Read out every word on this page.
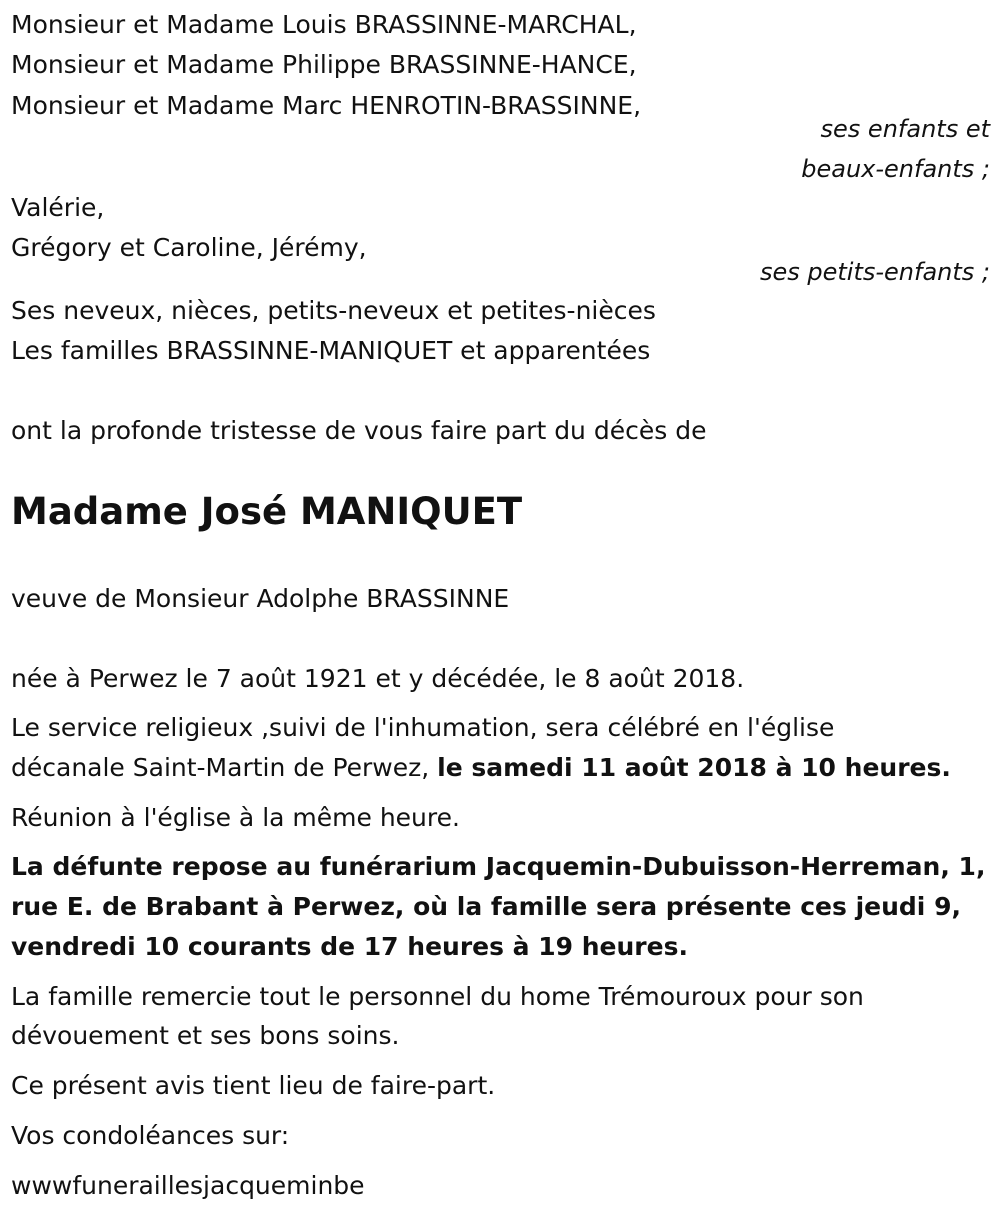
Monsieur et Madame Louis BRASSINNE-MARCHAL,
Monsieur et Madame Philippe BRASSINNE-HANCE,
Monsieur et Madame Marc HENROTIN-BRASSINNE,
ses enfants et
beaux-enfants ;
Valérie,
Grégory et Caroline, Jérémy,
ses petits-enfants ;
Ses neveux, nièces, petits-neveux et petites-nièces
Les familles BRASSINNE-MANIQUET et apparentées
ont la profonde tristesse de vous faire part du décès de
Madame José MANIQUET
veuve de Monsieur Adolphe BRASSINNE
née à Perwez le 7 août 1921 et y décédée, le 8 août 2018.
Le service religieux ,suivi de l'inhumation, sera célébré en l'église
décanale Saint-Martin de Perwez, le samedi 11 août 2018 à 10 heures.
Réunion à l'église à la même heure.
La défunte repose au funérarium Jacquemin-Dubuisson-Herreman, 1,
rue E. de Brabant à Perwez, où la famille sera présente ces jeudi 9,
vendredi 10 courants de 17 heures à 19 heures.
La famille remercie tout le personnel du home Trémouroux pour son
dévouement et ses bons soins.
Ce présent avis tient lieu de faire-part.
Vos condoléances sur:
wwwfuneraillesjacqueminbe
